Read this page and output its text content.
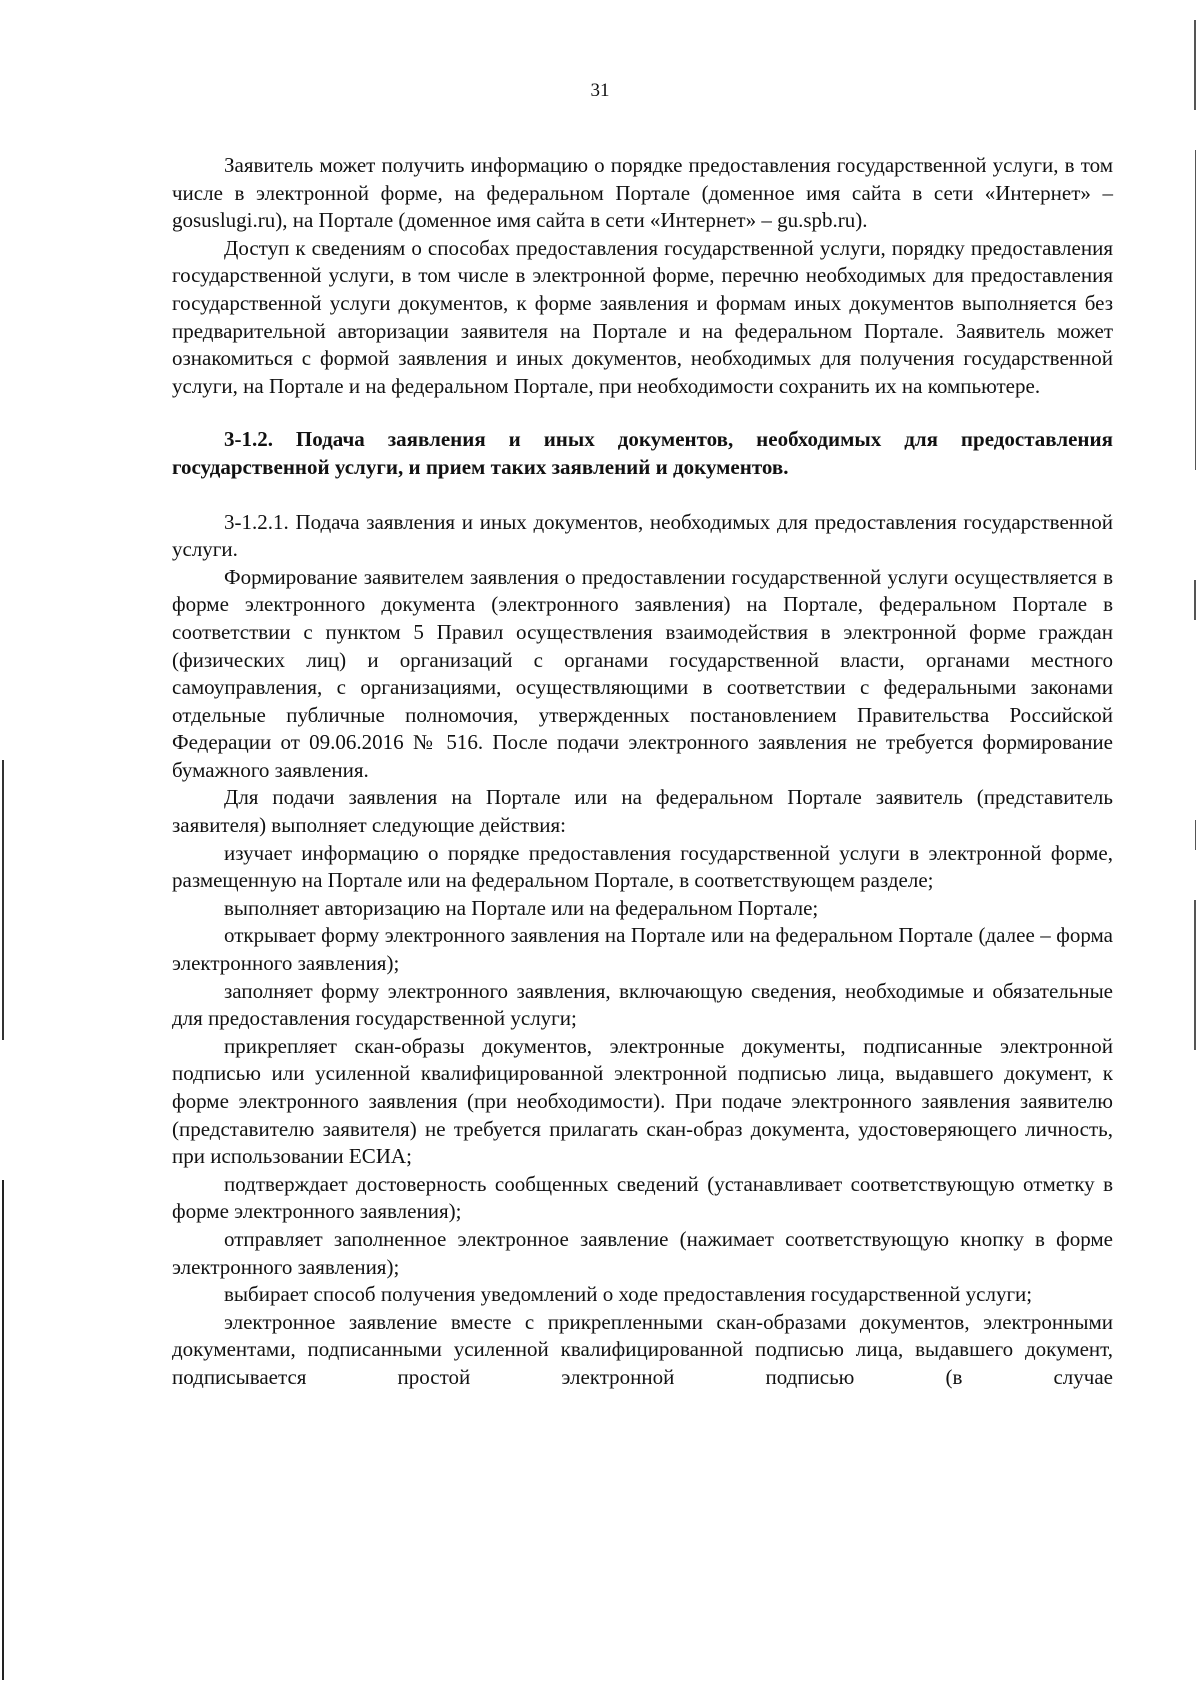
31

Заявитель может получить информацию о порядке предоставления государственной услуги, в том числе в электронной форме, на федеральном Портале (доменное имя сайта в сети «Интернет» – gosuslugi.ru), на Портале (доменное имя сайта в сети «Интернет» – gu.spb.ru).

Доступ к сведениям о способах предоставления государственной услуги, порядку предоставления государственной услуги, в том числе в электронной форме, перечню необходимых для предоставления государственной услуги документов, к форме заявления и формам иных документов выполняется без предварительной авторизации заявителя на Портале и на федеральном Портале. Заявитель может ознакомиться с формой заявления и иных документов, необходимых для получения государственной услуги, на Портале и на федеральном Портале, при необходимости сохранить их на компьютере.

3-1.2. Подача заявления и иных документов, необходимых для предоставления государственной услуги, и прием таких заявлений и документов.

3-1.2.1. Подача заявления и иных документов, необходимых для предоставления государственной услуги.

Формирование заявителем заявления о предоставлении государственной услуги осуществляется в форме электронного документа (электронного заявления) на Портале, федеральном Портале в соответствии с пунктом 5 Правил осуществления взаимодействия в электронной форме граждан (физических лиц) и организаций с органами государственной власти, органами местного самоуправления, с организациями, осуществляющими в соответствии с федеральными законами отдельные публичные полномочия, утвержденных постановлением Правительства Российской Федерации от 09.06.2016 № 516. После подачи электронного заявления не требуется формирование бумажного заявления.

Для подачи заявления на Портале или на федеральном Портале заявитель (представитель заявителя) выполняет следующие действия:

изучает информацию о порядке предоставления государственной услуги в электронной форме, размещенную на Портале или на федеральном Портале, в соответствующем разделе;

выполняет авторизацию на Портале или на федеральном Портале;

открывает форму электронного заявления на Портале или на федеральном Портале (далее – форма электронного заявления);

заполняет форму электронного заявления, включающую сведения, необходимые и обязательные для предоставления государственной услуги;

прикрепляет скан-образы документов, электронные документы, подписанные электронной подписью или усиленной квалифицированной электронной подписью лица, выдавшего документ, к форме электронного заявления (при необходимости). При подаче электронного заявления заявителю (представителю заявителя) не требуется прилагать скан-образ документа, удостоверяющего личность, при использовании ЕСИА;

подтверждает достоверность сообщенных сведений (устанавливает соответствующую отметку в форме электронного заявления);

отправляет заполненное электронное заявление (нажимает соответствующую кнопку в форме электронного заявления);

выбирает способ получения уведомлений о ходе предоставления государственной услуги;

электронное заявление вместе с прикрепленными скан-образами документов, электронными документами, подписанными усиленной квалифицированной подписью лица, выдавшего документ, подписывается простой электронной подписью (в случае
